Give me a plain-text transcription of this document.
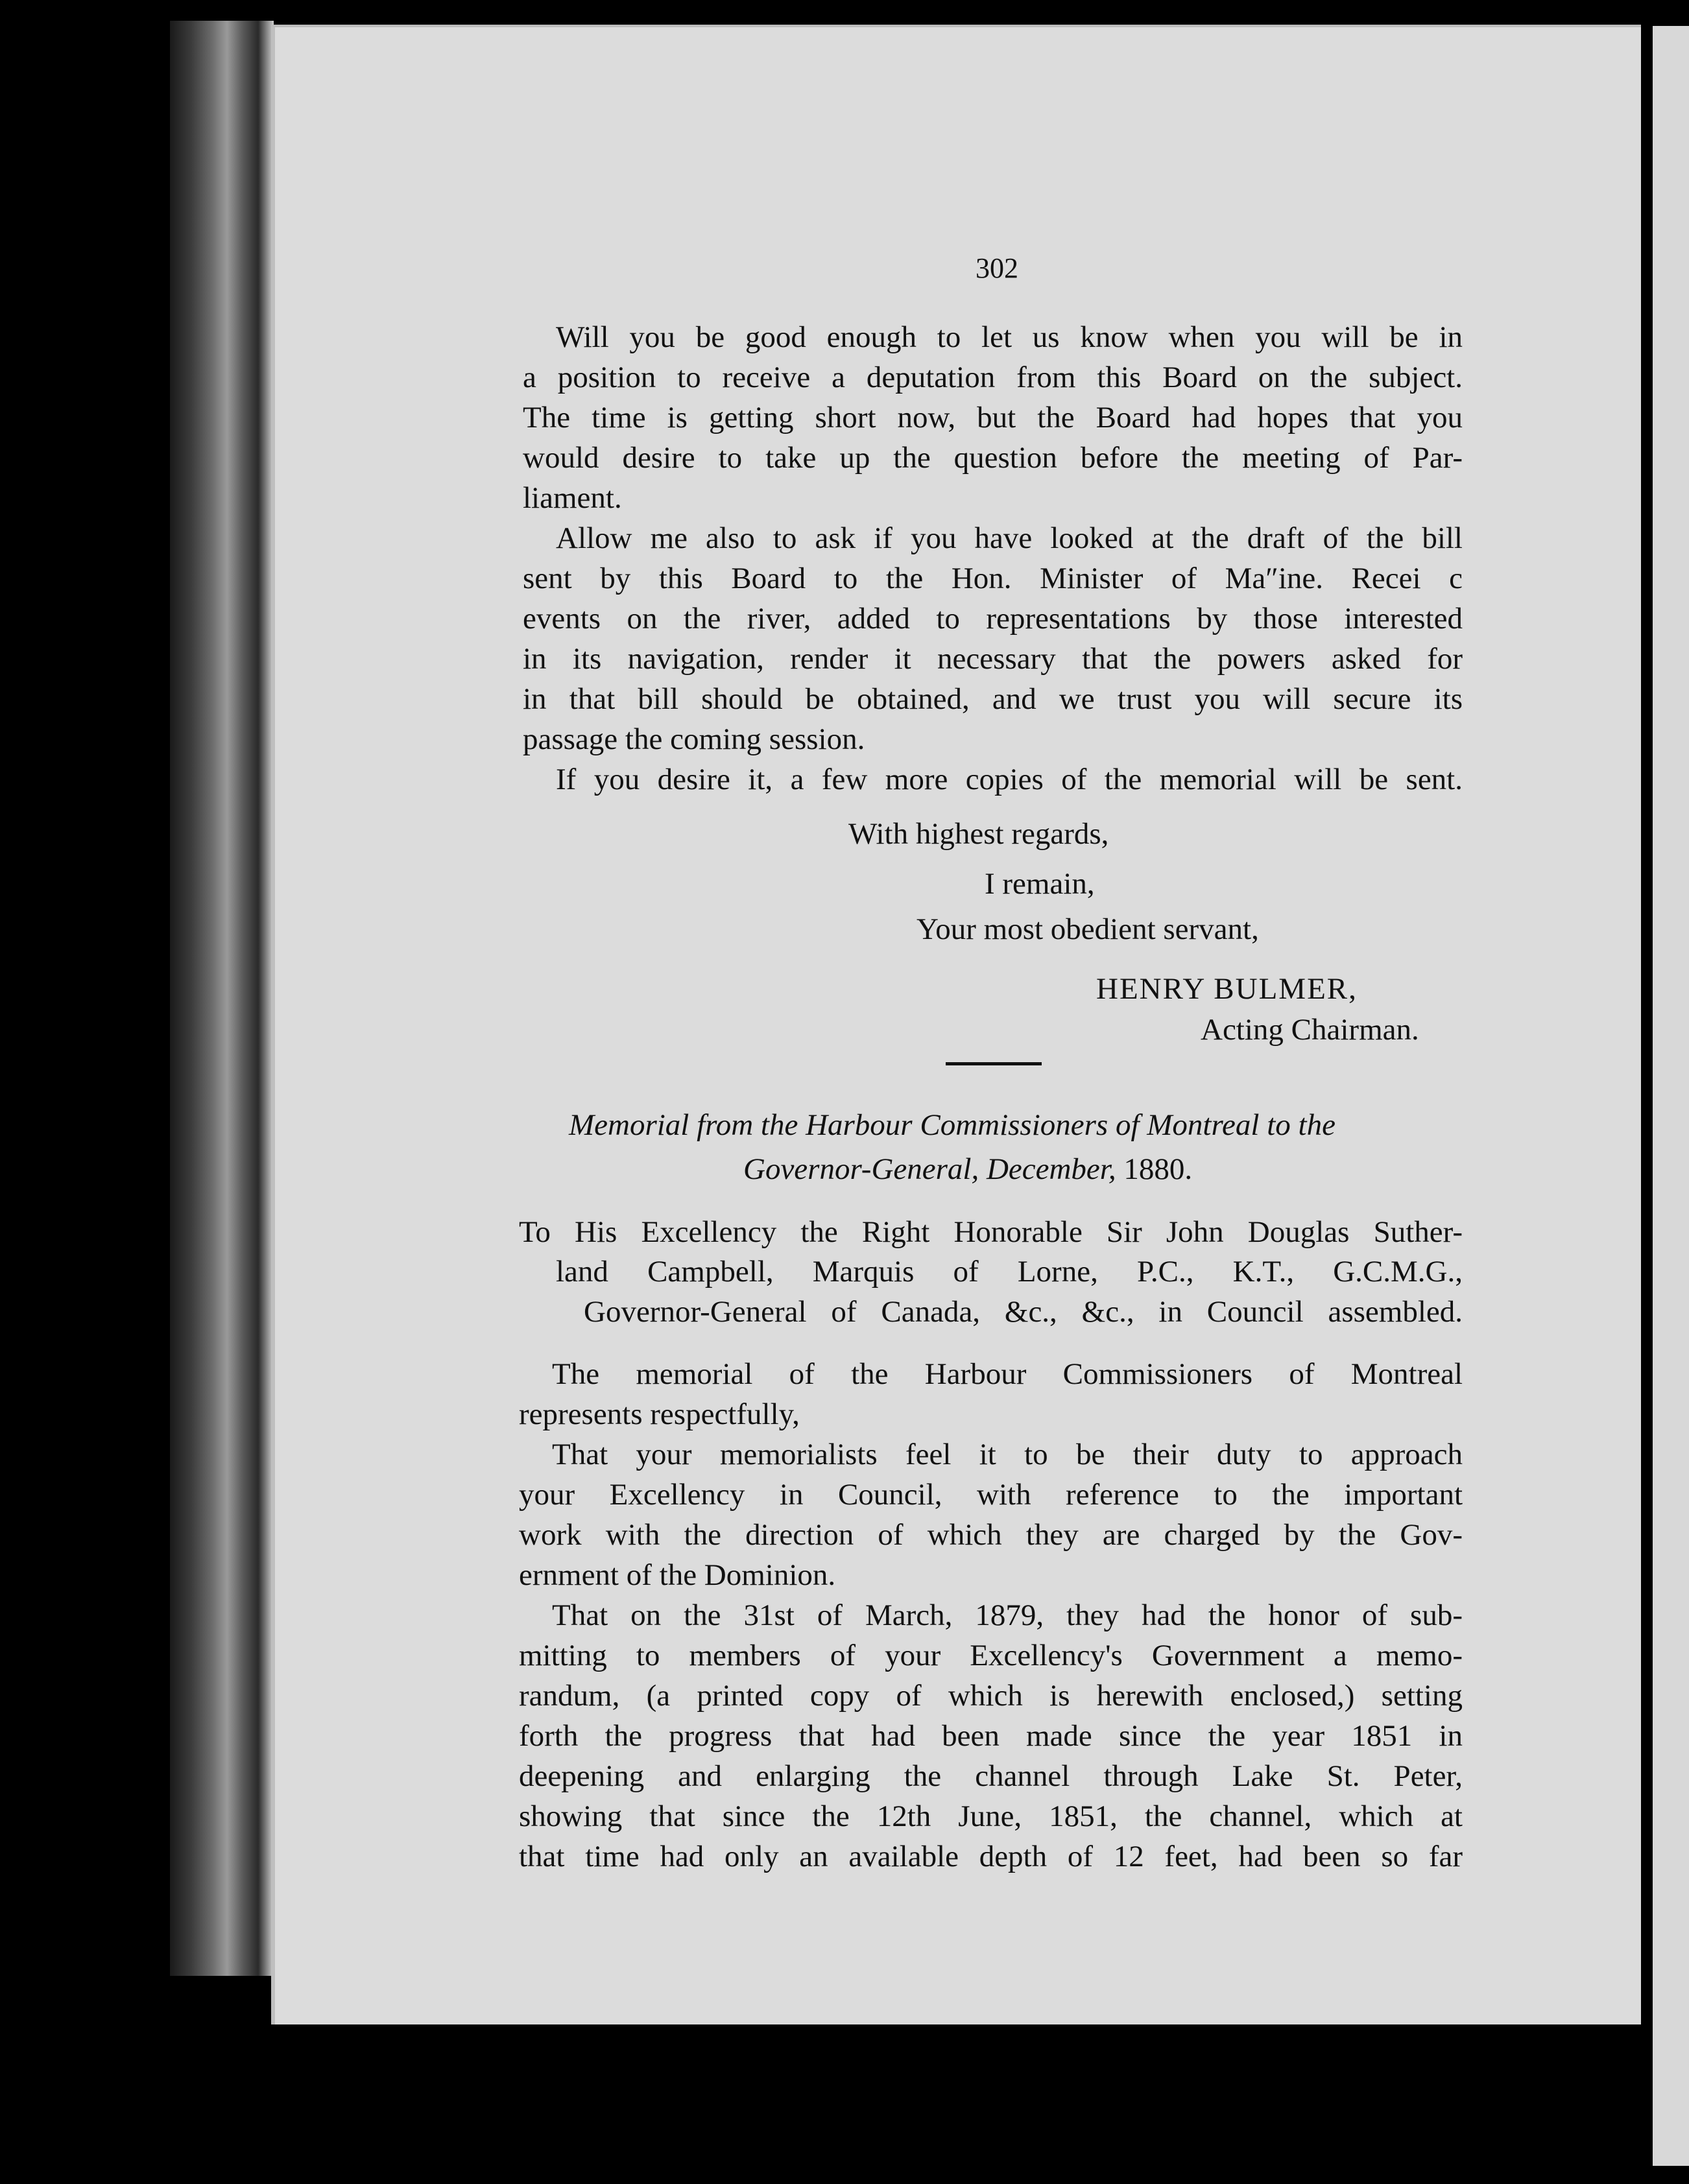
302
Will you be good enough to let us know when you will be in
a position to receive a deputation from this Board on the subject.
The time is getting short now, but the Board had hopes that you
would desire to take up the question before the meeting of Par-
liament.
Allow me also to ask if you have looked at the draft of the bill
sent by this Board to the Hon. Minister of Ma″ine. Recei c
events on the river, added to representations by those interested
in its navigation, render it necessary that the powers asked for
in that bill should be obtained, and we trust you will secure its
passage the coming session.
If you desire it, a few more copies of the memorial will be sent.
With highest regards,
I remain,
Your most obedient servant,
HENRY BULMER,
Acting Chairman.
Memorial from the Harbour Commissioners of Montreal to the
Governor-General, December, 1880.
To His Excellency the Right Honorable Sir John Douglas Suther-
land Campbell, Marquis of Lorne, P.C., K.T., G.C.M.G.,
Governor-General of Canada, &c., &c., in Council assembled.
The memorial of the Harbour Commissioners of Montreal
represents respectfully,
That your memorialists feel it to be their duty to approach
your Excellency in Council, with reference to the important
work with the direction of which they are charged by the Gov-
ernment of the Dominion.
That on the 31st of March, 1879, they had the honor of sub-
mitting to members of your Excellency's Government a memo-
randum, (a printed copy of which is herewith enclosed,) setting
forth the progress that had been made since the year 1851 in
deepening and enlarging the channel through Lake St. Peter,
showing that since the 12th June, 1851, the channel, which at
that time had only an available depth of 12 feet, had been so far
